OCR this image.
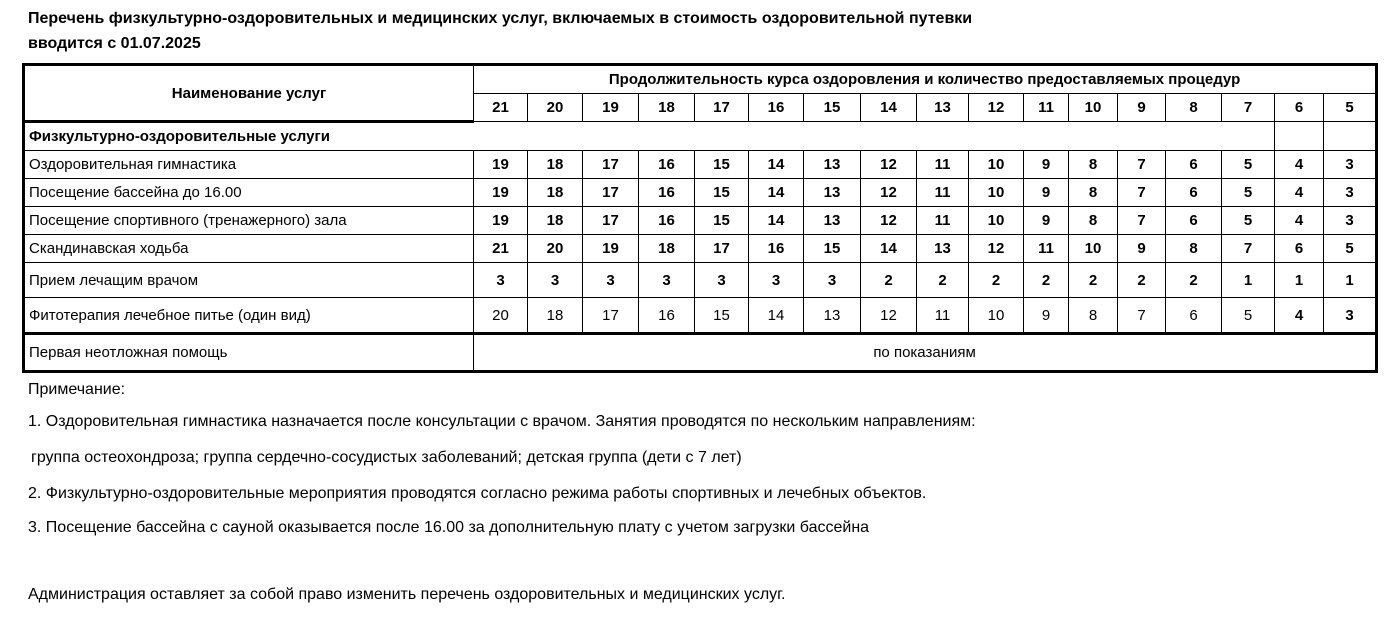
Перечень физкультурно-оздоровительных и медицинских услуг, включаемых в стоимость оздоровительной путевки
вводится с 01.07.2025
Наименование услуг	Продолжительность курса оздоровления и количество предоставляемых процедур																
	21	20	19	18	17	16	15	14	13	12	11	10	9	8	7	6	5
Физкультурно-оздоровительные услуги																	
Оздоровительная гимнастика	19	18	17	16	15	14	13	12	11	10	9	8	7	6	5	4	3
Посещение бассейна до 16.00	19	18	17	16	15	14	13	12	11	10	9	8	7	6	5	4	3
Посещение спортивного (тренажерного) зала	19	18	17	16	15	14	13	12	11	10	9	8	7	6	5	4	3
Скандинавская ходьба	21	20	19	18	17	16	15	14	13	12	11	10	9	8	7	6	5
Прием лечащим врачом	3	3	3	3	3	3	3	2	2	2	2	2	2	2	1	1	1
Фитотерапия лечебное питье (один вид)	20	18	17	16	15	14	13	12	11	10	9	8	7	6	5	4	3
Первая неотложная помощь	по показаниям																
Примечание:
1. Оздоровительная гимнастика назначается после консультации с врачом. Занятия проводятся по нескольким направлениям:
группа остеохондроза; группа сердечно-сосудистых заболеваний; детская группа (дети с 7 лет)
2. Физкультурно-оздоровительные мероприятия проводятся согласно режима работы спортивных и лечебных объектов.
3. Посещение бассейна с сауной оказывается после 16.00 за дополнительную плату с учетом загрузки бассейна
Администрация оставляет за собой право изменить перечень оздоровительных и медицинских услуг.
